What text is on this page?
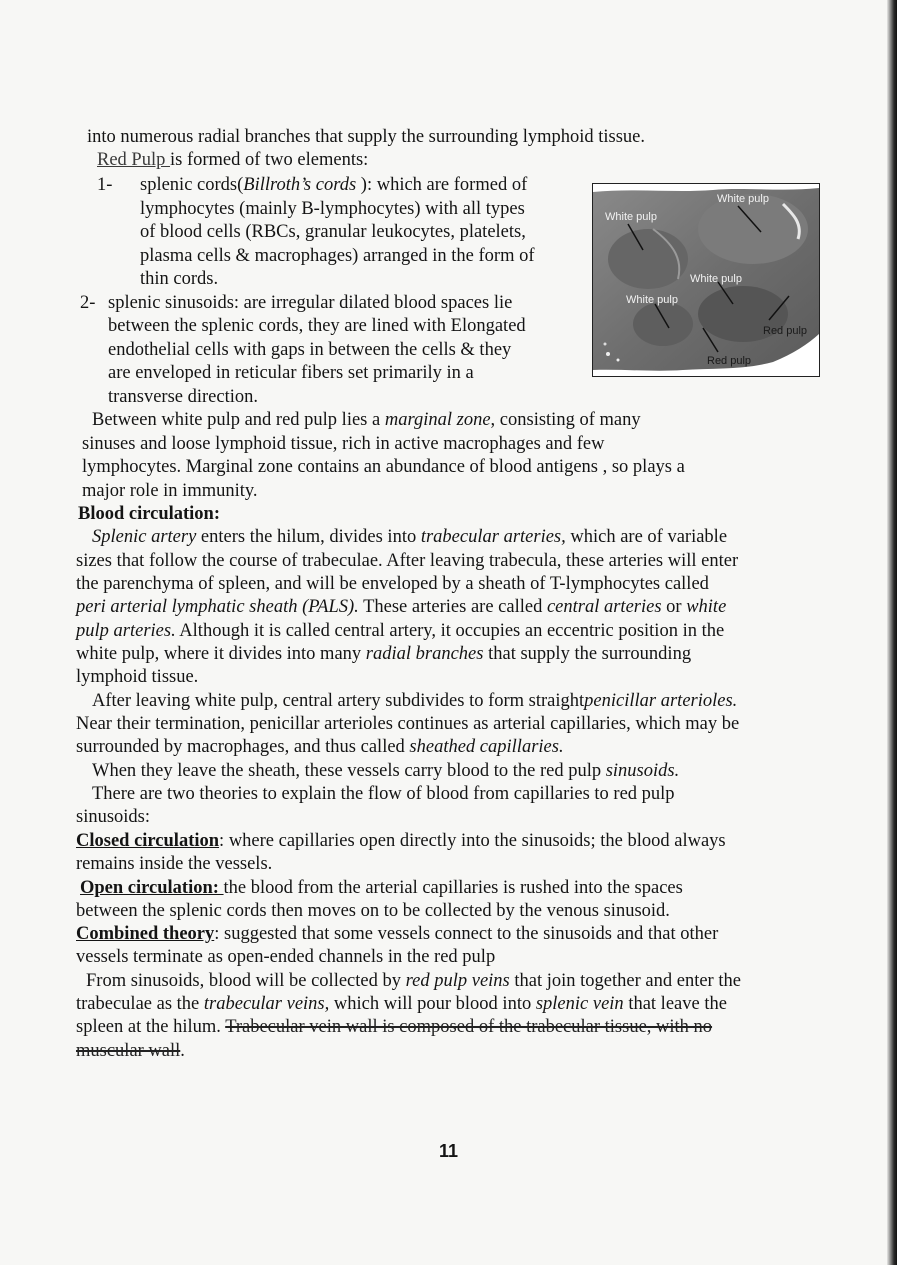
into numerous radial branches that supply the surrounding lymphoid tissue.
Red Pulp is formed of two elements:
1- splenic cords(Billroth’s cords ): which are formed of
lymphocytes (mainly B-lymphocytes) with all types
of blood cells (RBCs, granular leukocytes, platelets,
plasma cells & macrophages) arranged in the form of
thin cords.
2- splenic sinusoids: are irregular dilated blood spaces lie
between the splenic cords, they are lined with Elongated
endothelial cells with gaps in between the cells & they
are enveloped in reticular fibers set primarily in a
transverse direction.
Between white pulp and red pulp lies a marginal zone, consisting of many
sinuses and loose lymphoid tissue, rich in active macrophages and few
lymphocytes. Marginal zone contains an abundance of blood antigens , so plays a
major role in immunity.
Blood circulation:
Splenic artery enters the hilum, divides into trabecular arteries, which are of variable
sizes that follow the course of trabeculae. After leaving trabecula, these arteries will enter
the parenchyma of spleen, and will be enveloped by a sheath of T-lymphocytes called
peri arterial lymphatic sheath (PALS). These arteries are called central arteries or white
pulp arteries. Although it is called central artery, it occupies an eccentric position in the
white pulp, where it divides into many radial branches that supply the surrounding
lymphoid tissue.
After leaving white pulp, central artery subdivides to form straightpenicillar arterioles.
Near their termination, penicillar arterioles continues as arterial capillaries, which may be
surrounded by macrophages, and thus called sheathed capillaries.
When they leave the sheath, these vessels carry blood to the red pulp sinusoids.
There are two theories to explain the flow of blood from capillaries to red pulp
sinusoids:
Closed circulation: where capillaries open directly into the sinusoids; the blood always
remains inside the vessels.
Open circulation: the blood from the arterial capillaries is rushed into the spaces
between the splenic cords then moves on to be collected by the venous sinusoid.
Combined theory: suggested that some vessels connect to the sinusoids and that other
vessels terminate as open-ended channels in the red pulp
From sinusoids, blood will be collected by red pulp veins that join together and enter the
trabeculae as the trabecular veins, which will pour blood into splenic vein that leave the
spleen at the hilum. Trabecular vein wall is composed of the trabecular tissue, with no
muscular wall.
White pulp
White pulp
White pulp
White pulp
Red pulp
Red pulp
11
